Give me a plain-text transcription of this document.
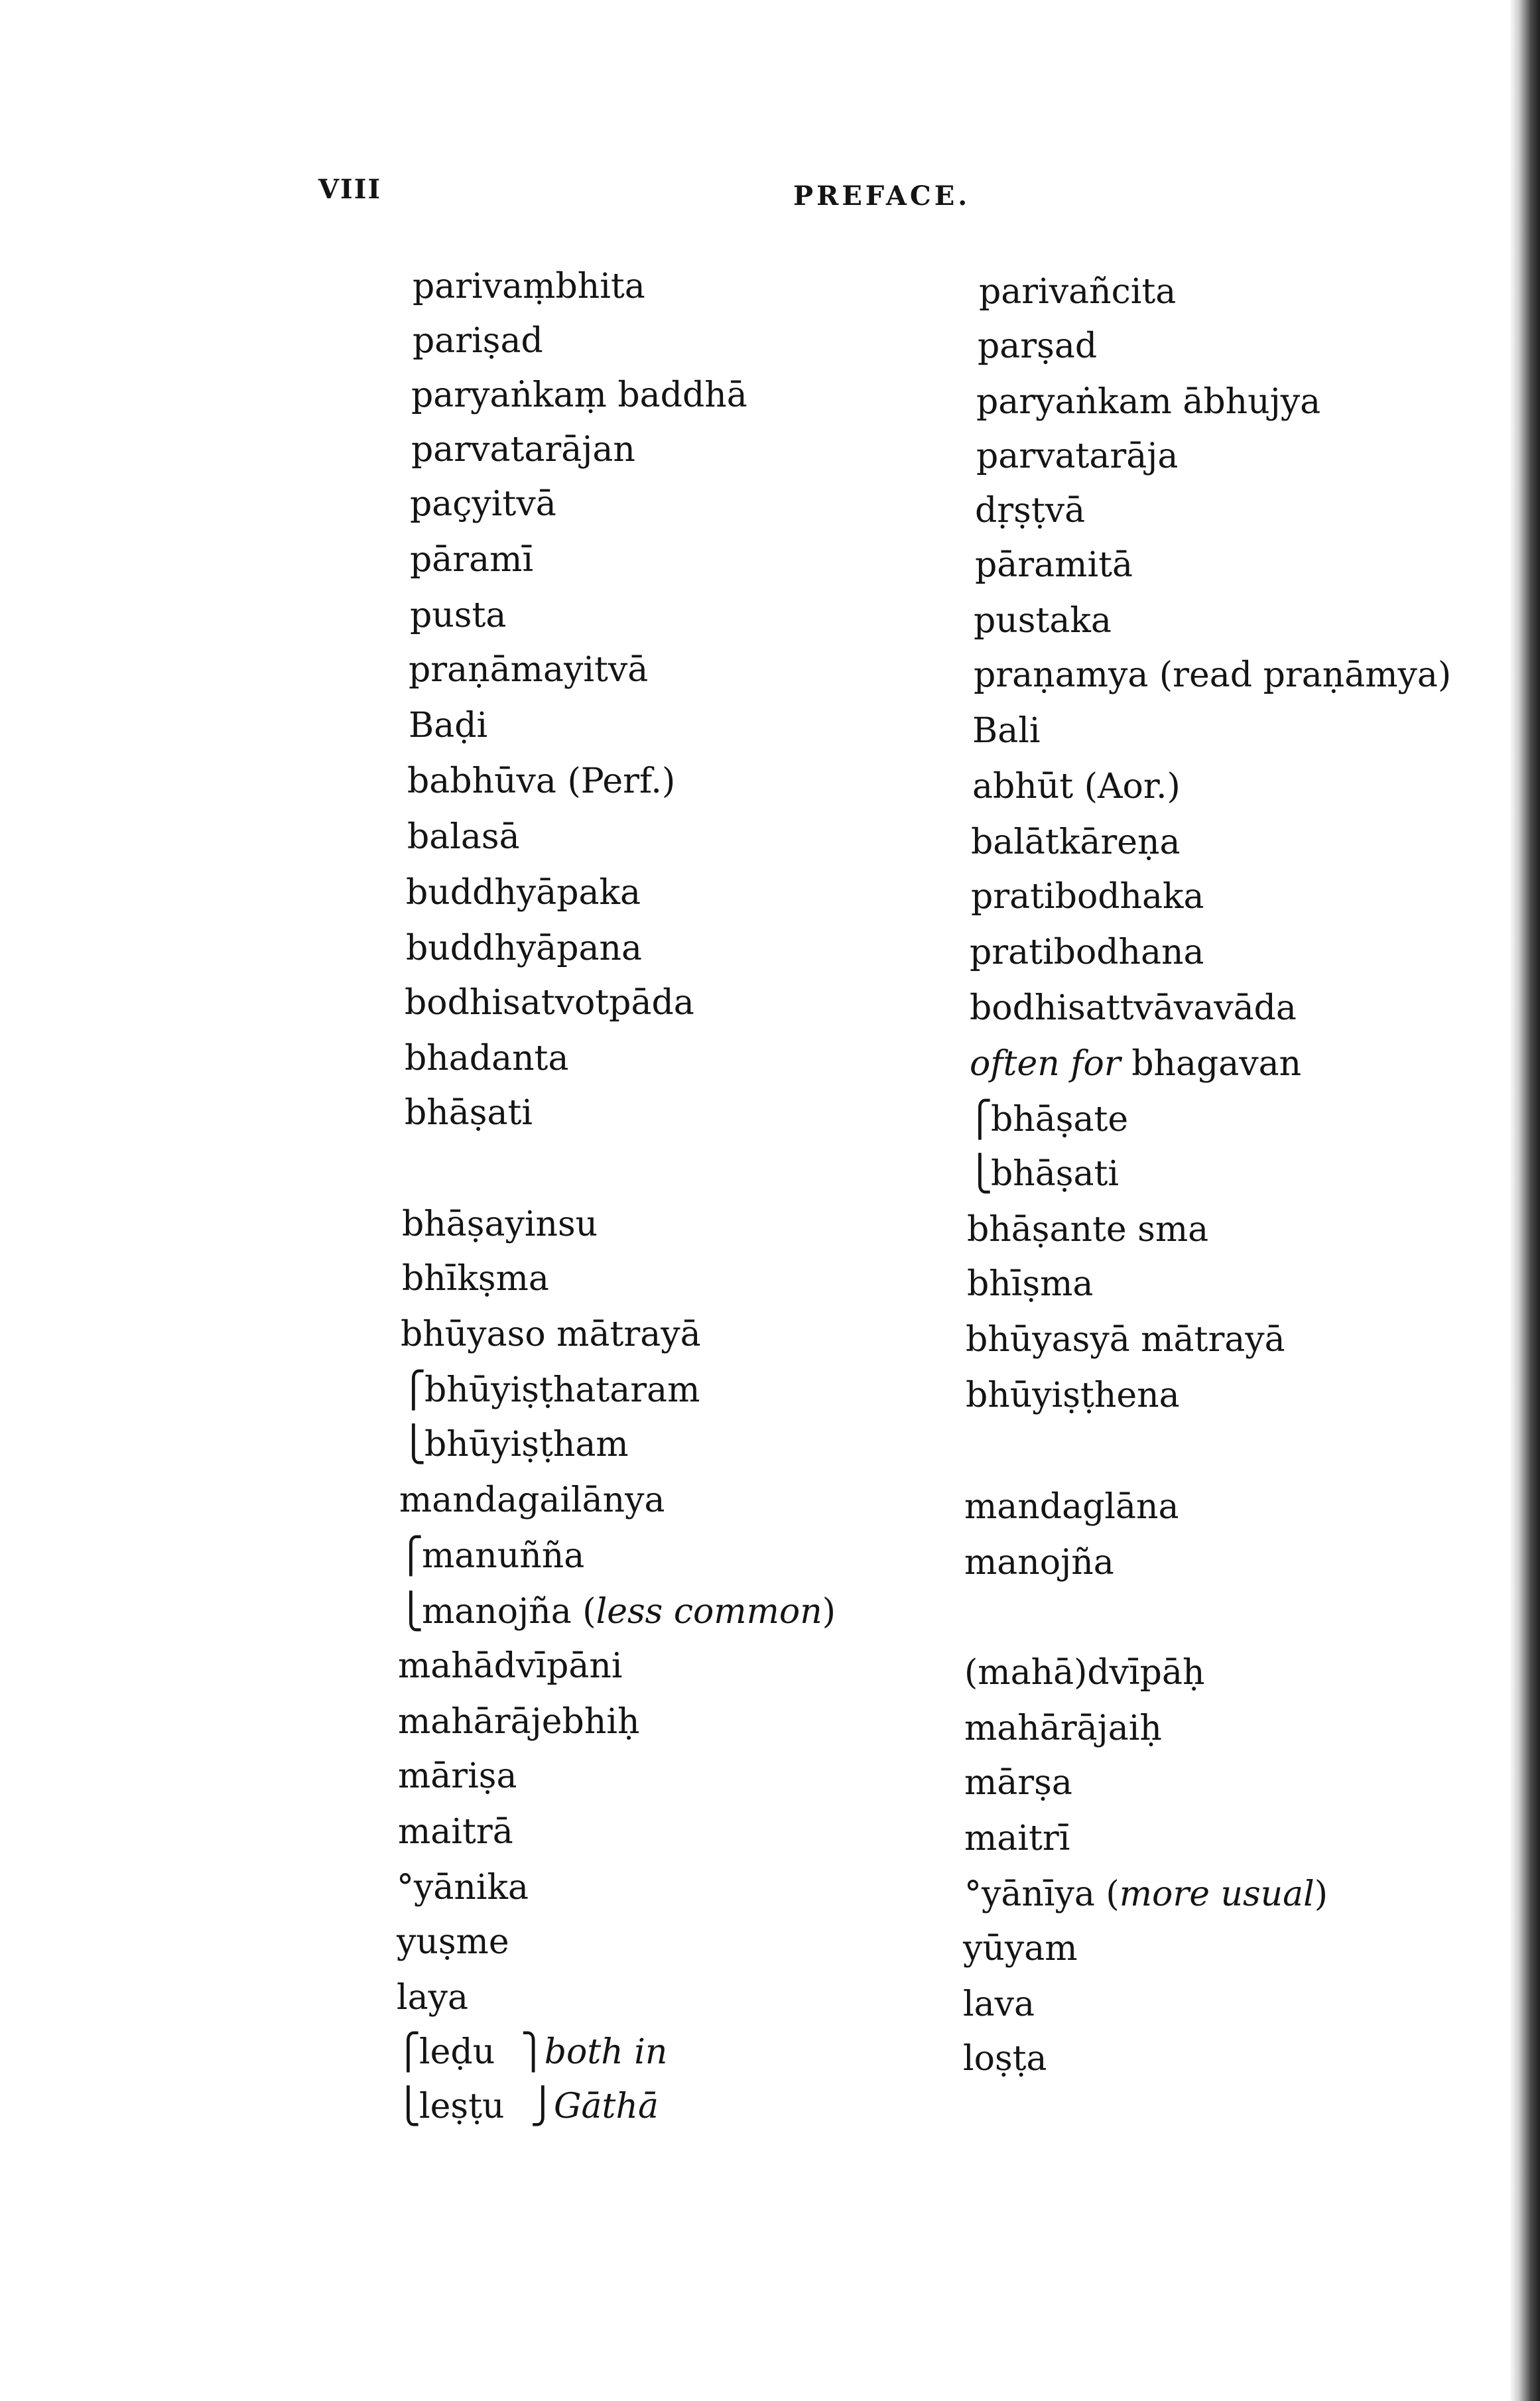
VIII	PREFACE.
parivaṃbhita
pariṣad
paryaṅkaṃ baddhā
parvatarājan
paçyitvā
pāramī
pusta
praṇāmayitvā
Baḍi
babhūva (Perf.)
balasā
buddhyāpaka
buddhyāpana
bodhisatvotpāda
bhadanta
bhāṣati
bhāṣayinsu
bhīkṣma
bhūyaso mātrayā
⎧bhūyiṣṭhataram
⎩bhūyiṣṭham
mandagailānya
⎧manuñña
⎩manojña (less common)
mahādvīpāni
mahārājebhiḥ
māriṣa
maitrā
°yānika
yuṣme
laya
⎧leḍu ⎫both in
⎩leṣṭu ⎭Gāthā
parivañcita
parṣad
paryaṅkam ābhujya
parvatarāja
dṛṣṭvā
pāramitā
pustaka
praṇamya (read praṇāmya)
Bali
abhūt (Aor.)
balātkāreṇa
pratibodhaka
pratibodhana
bodhisattvāvavāda
often for bhagavan
⎧bhāṣate
⎩bhāṣati
bhāṣante sma
bhīṣma
bhūyasyā mātrayā
bhūyiṣṭhena
mandaglāna
manojña
(mahā)dvīpāḥ
mahārājaiḥ
mārṣa
maitrī
°yānīya (more usual)
yūyam
lava
loṣṭa
